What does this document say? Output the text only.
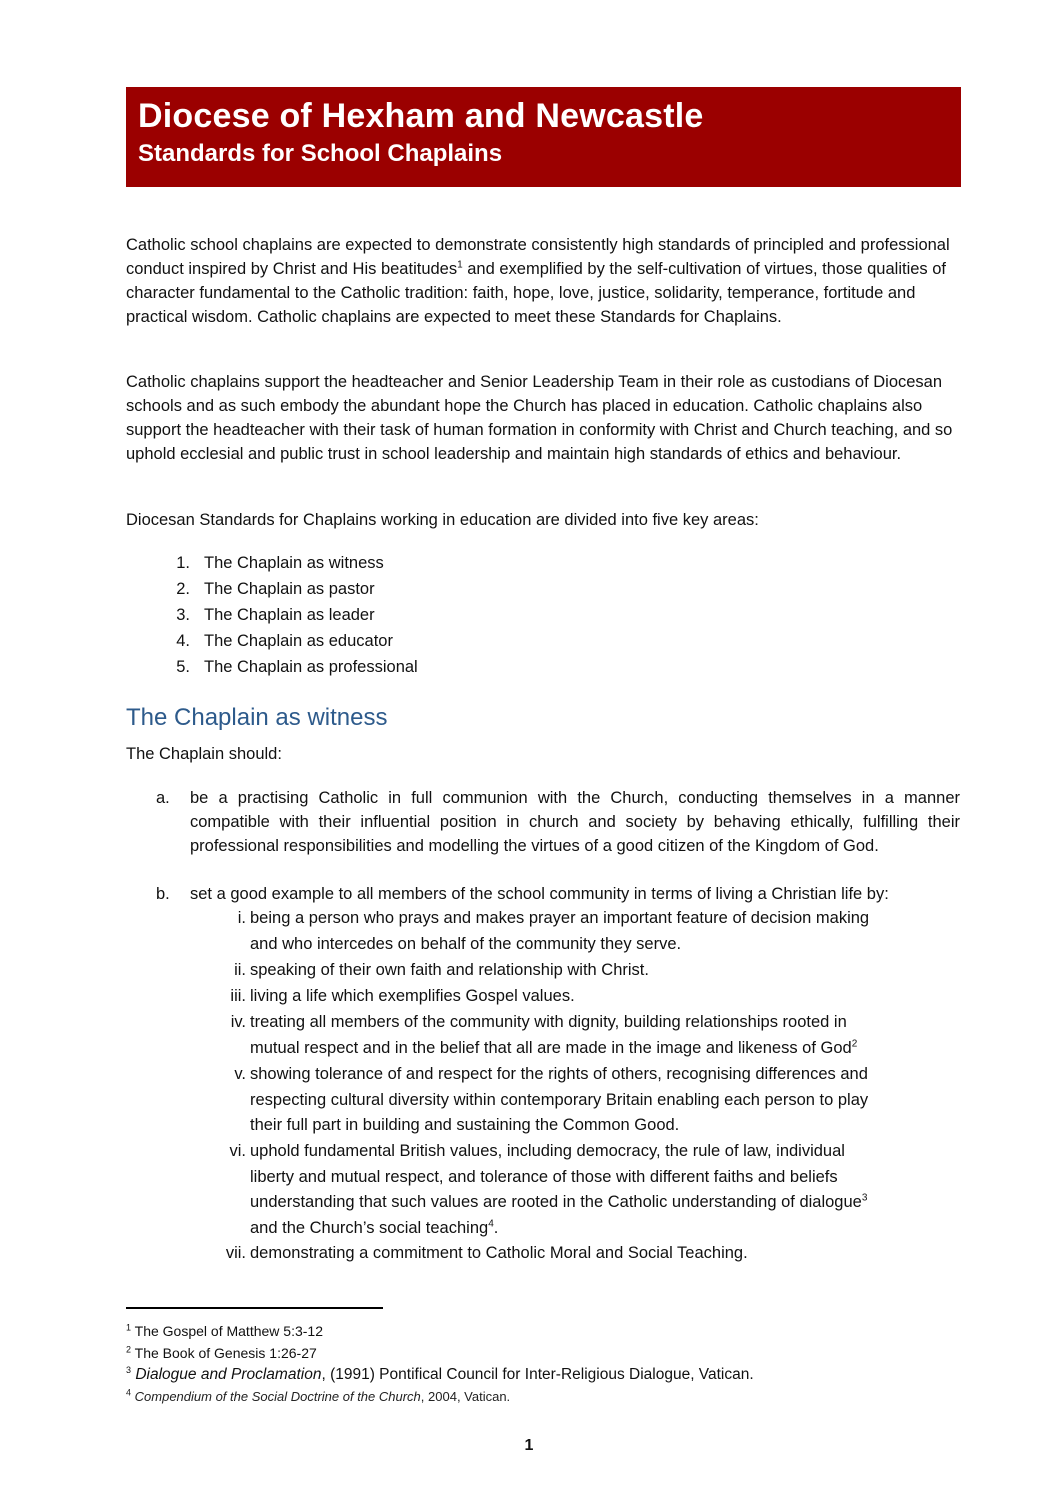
Diocese of Hexham and Newcastle
Standards for School Chaplains
Catholic school chaplains are expected to demonstrate consistently high standards of principled and professional conduct inspired by Christ and His beatitudes$^1$ and exemplified by the self-cultivation of virtues, those qualities of character fundamental to the Catholic tradition: faith, hope, love, justice, solidarity, temperance, fortitude and practical wisdom. Catholic chaplains are expected to meet these Standards for Chaplains.
Catholic chaplains support the headteacher and Senior Leadership Team in their role as custodians of Diocesan schools and as such embody the abundant hope the Church has placed in education. Catholic chaplains also support the headteacher with their task of human formation in conformity with Christ and Church teaching, and so uphold ecclesial and public trust in school leadership and maintain high standards of ethics and behaviour.
Diocesan Standards for Chaplains working in education are divided into five key areas:
1. The Chaplain as witness
2. The Chaplain as pastor
3. The Chaplain as leader
4. The Chaplain as educator
5. The Chaplain as professional
The Chaplain as witness
The Chaplain should:
a.	be a practising Catholic in full communion with the Church, conducting themselves in a manner compatible with their influential position in church and society by behaving ethically, fulfilling their professional responsibilities and modelling the virtues of a good citizen of the Kingdom of God.
b.	set a good example to all members of the school community in terms of living a Christian life by:
i. being a person who prays and makes prayer an important feature of decision making
and who intercedes on behalf of the community they serve.
ii. speaking of their own faith and relationship with Christ.
iii. living a life which exemplifies Gospel values.
iv. treating all members of the community with dignity, building relationships rooted in
mutual respect and in the belief that all are made in the image and likeness of God$^2$
v. showing tolerance of and respect for the rights of others, recognising differences and
respecting cultural diversity within contemporary Britain enabling each person to play
their full part in building and sustaining the Common Good.
vi. uphold fundamental British values, including democracy, the rule of law, individual
liberty and mutual respect, and tolerance of those with different faiths and beliefs
understanding that such values are rooted in the Catholic understanding of dialogue$^3$
and the Church’s social teaching$^4$.
vii. demonstrating a commitment to Catholic Moral and Social Teaching.
$^1$ The Gospel of Matthew 5:3-12
$^2$ The Book of Genesis 1:26-27
$^3$ Dialogue and Proclamation, (1991) Pontifical Council for Inter-Religious Dialogue, Vatican.
$^4$ Compendium of the Social Doctrine of the Church, 2004, Vatican.
1
